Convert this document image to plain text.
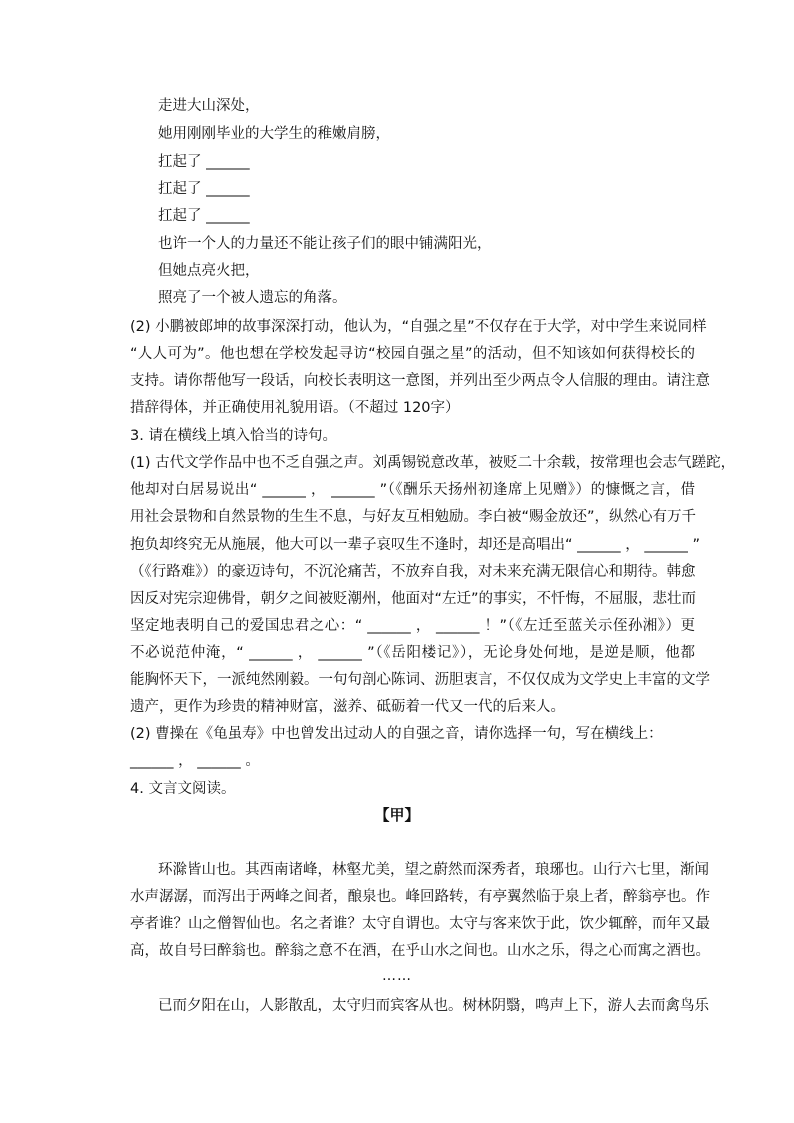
走进大山深处，
她用刚刚毕业的大学生的稚嫩肩膀，
扛起了 ______
扛起了 ______
扛起了 ______
也许一个人的力量还不能让孩子们的眼中铺满阳光，
但她点亮火把，
照亮了一个被人遗忘的角落。
(2) 小鹏被郎坤的故事深深打动，他认为，“自强之星”不仅存在于大学，对中学生来说同样
“人人可为”。他也想在学校发起寻访“校园自强之星”的活动，但不知该如何获得校长的
支持。请你帮他写一段话，向校长表明这一意图，并列出至少两点令人信服的理由。请注意
措辞得体，并正确使用礼貌用语。（不超过 120字）
3. 请在横线上填入恰当的诗句。
(1) 古代文学作品中也不乏自强之声。刘禹锡锐意改革，被贬二十余载，按常理也会志气蹉跎，
他却对白居易说出“ ______ ， ______ ”（《酬乐天扬州初逢席上见赠》）的慷慨之言，借
用社会景物和自然景物的生生不息，与好友互相勉励。李白被“赐金放还”，纵然心有万千
抱负却终究无从施展，他大可以一辈子哀叹生不逢时，却还是高唱出“ ______ ， ______ ”
（《行路难》）的豪迈诗句，不沉沦痛苦，不放弃自我，对未来充满无限信心和期待。韩愈
因反对宪宗迎佛骨，朝夕之间被贬潮州，他面对“左迁”的事实，不忏悔，不屈服，悲壮而
坚定地表明自己的爱国忠君之心：“ ______ ， ______ ！”（《左迁至蓝关示侄孙湘》）更
不必说范仲淹，“ ______ ， ______ ”（《岳阳楼记》），无论身处何地，是逆是顺，他都
能胸怀天下，一派纯然刚毅。一句句剖心陈词、沥胆衷言，不仅仅成为文学史上丰富的文学
遗产，更作为珍贵的精神财富，滋养、砥砺着一代又一代的后来人。
(2) 曹操在《龟虽寿》中也曾发出过动人的自强之音，请你选择一句，写在横线上：
______ ， ______ 。
4. 文言文阅读。
【甲】
环滁皆山也。其西南诸峰，林壑尤美，望之蔚然而深秀者，琅琊也。山行六七里，渐闻
水声潺潺，而泻出于两峰之间者，酿泉也。峰回路转，有亭翼然临于泉上者，醉翁亭也。作
亭者谁？山之僧智仙也。名之者谁？太守自谓也。太守与客来饮于此，饮少辄醉，而年又最
高，故自号曰醉翁也。醉翁之意不在酒，在乎山水之间也。山水之乐，得之心而寓之酒也。
……
已而夕阳在山，人影散乱，太守归而宾客从也。树林阴翳，鸣声上下，游人去而禽鸟乐
